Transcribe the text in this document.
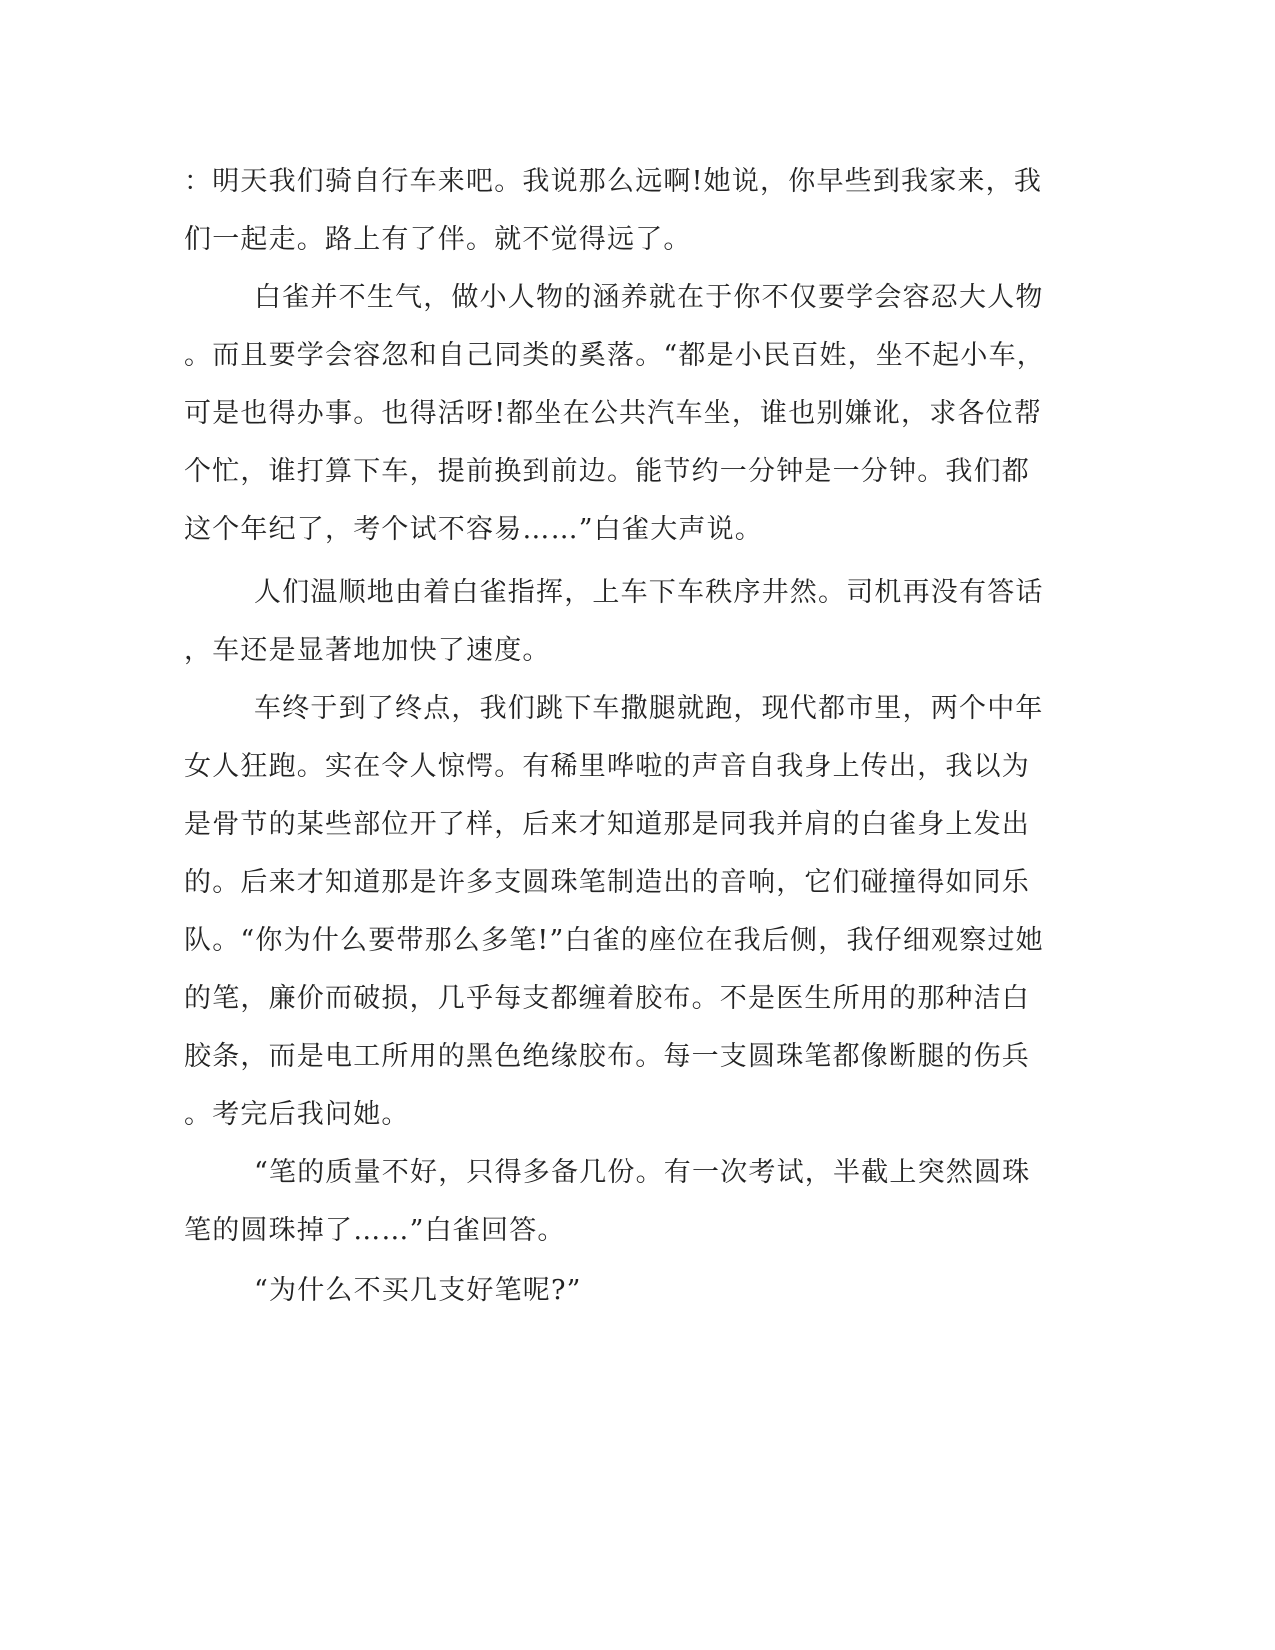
：明天我们骑自行车来吧。我说那么远啊!她说，你早些到我家来，我

们一起走。路上有了伴。就不觉得远了。

白雀并不生气，做小人物的涵养就在于你不仅要学会容忍大人物

。而且要学会容忽和自己同类的奚落。“都是小民百姓，坐不起小车，

可是也得办事。也得活呀!都坐在公共汽车坐，谁也别嫌讹，求各位帮

个忙，谁打算下车，提前换到前边。能节约一分钟是一分钟。我们都

这个年纪了，考个试不容易……”白雀大声说。

人们温顺地由着白雀指挥，上车下车秩序井然。司机再没有答话

，车还是显著地加快了速度。

车终于到了终点，我们跳下车撒腿就跑，现代都市里，两个中年

女人狂跑。实在令人惊愕。有稀里哗啦的声音自我身上传出，我以为

是骨节的某些部位开了样，后来才知道那是同我并肩的白雀身上发出

的。后来才知道那是许多支圆珠笔制造出的音响，它们碰撞得如同乐

队。“你为什么要带那么多笔!”白雀的座位在我后侧，我仔细观察过她

的笔，廉价而破损，几乎每支都缠着胶布。不是医生所用的那种洁白

胶条，而是电工所用的黑色绝缘胶布。每一支圆珠笔都像断腿的伤兵

。考完后我问她。

“笔的质量不好，只得多备几份。有一次考试，半截上突然圆珠

笔的圆珠掉了……”白雀回答。

“为什么不买几支好笔呢?”
